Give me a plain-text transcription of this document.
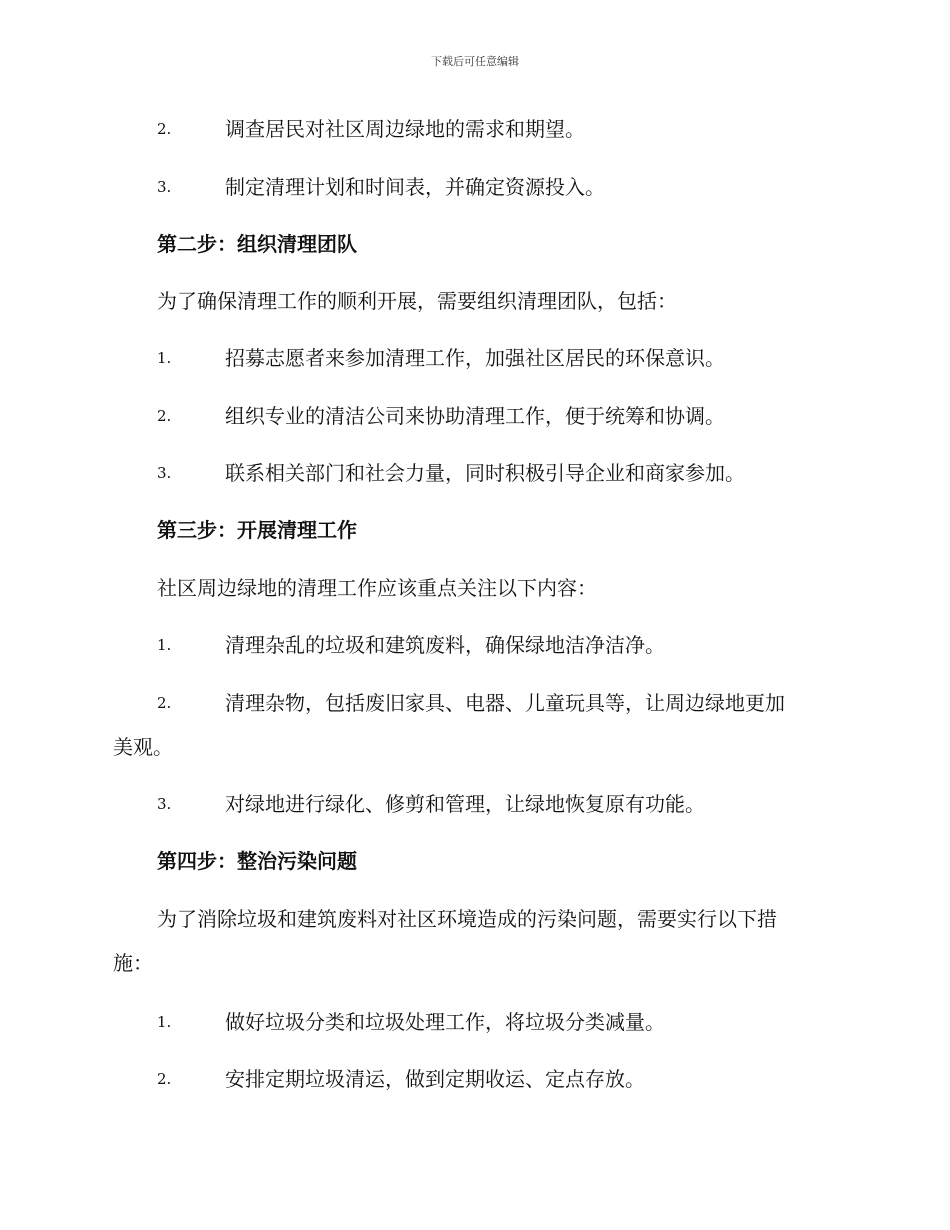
下载后可任意编辑
2.	调查居民对社区周边绿地的需求和期望。
3.	制定清理计划和时间表，并确定资源投入。
第二步：组织清理团队
为了确保清理工作的顺利开展，需要组织清理团队，包括：
1.	招募志愿者来参加清理工作，加强社区居民的环保意识。
2.	组织专业的清洁公司来协助清理工作，便于统筹和协调。
3.	联系相关部门和社会力量，同时积极引导企业和商家参加。
第三步：开展清理工作
社区周边绿地的清理工作应该重点关注以下内容：
1.	清理杂乱的垃圾和建筑废料，确保绿地洁净洁净。
2.	清理杂物，包括废旧家具、电器、儿童玩具等，让周边绿地更加
美观。
3.	对绿地进行绿化、修剪和管理，让绿地恢复原有功能。
第四步：整治污染问题
为了消除垃圾和建筑废料对社区环境造成的污染问题，需要实行以下措
施：
1.	做好垃圾分类和垃圾处理工作，将垃圾分类减量。
2.	安排定期垃圾清运，做到定期收运、定点存放。
